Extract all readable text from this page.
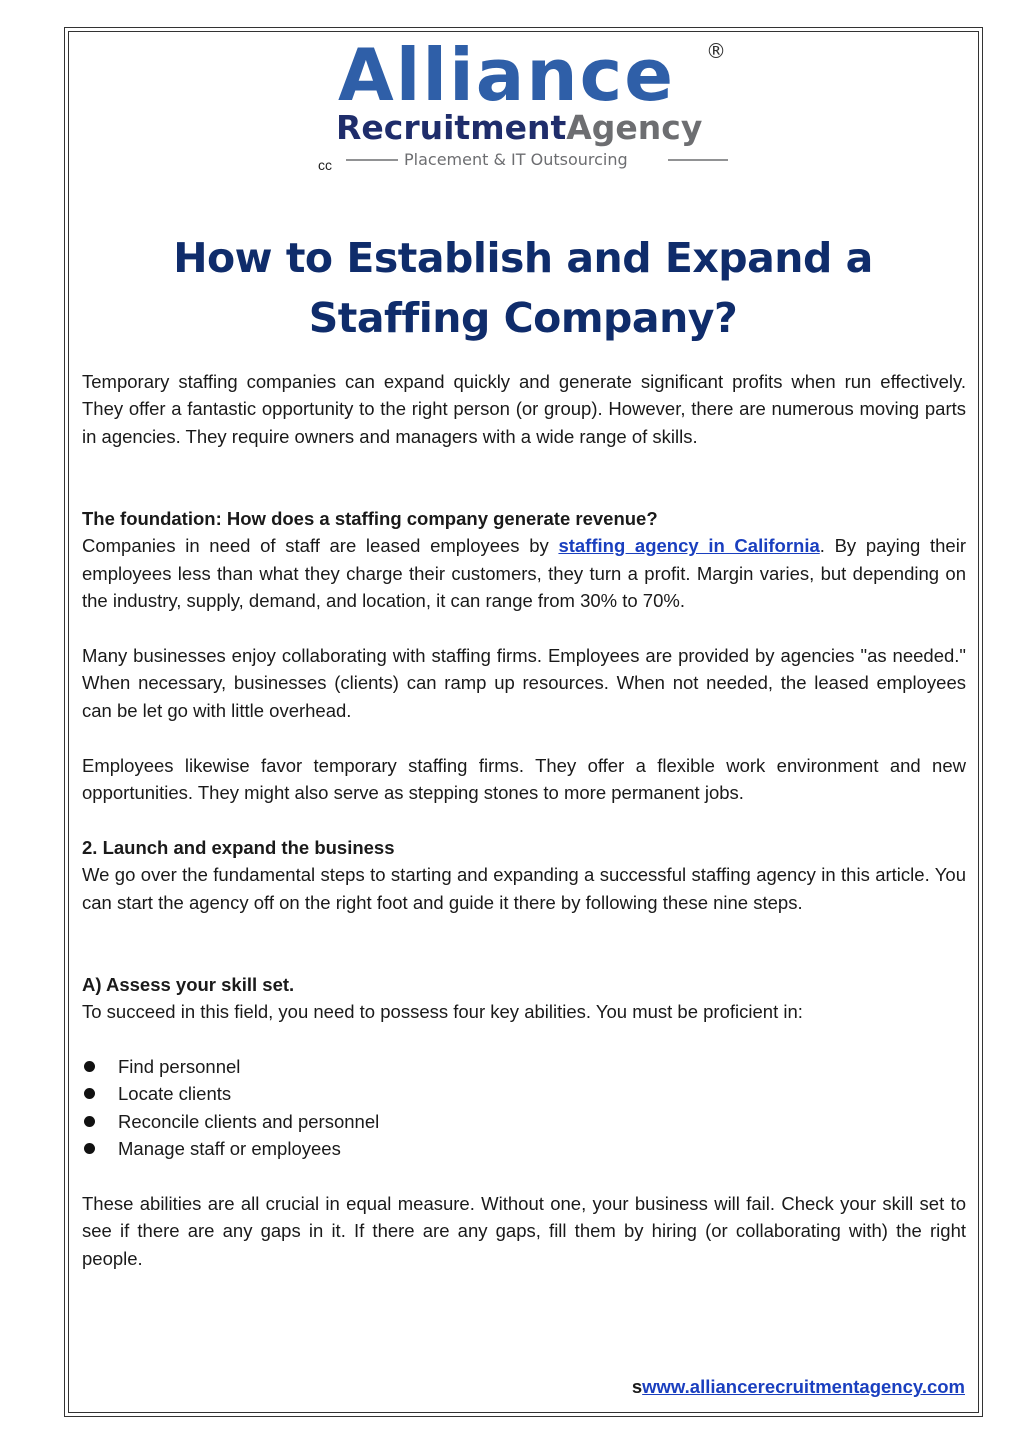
Alliance ®
RecruitmentAgency
Placement & IT Outsourcing
cc
How to Establish and Expand a Staffing Company?

Temporary staffing companies can expand quickly and generate significant profits when run effectively. They offer a fantastic opportunity to the right person (or group). However, there are numerous moving parts in agencies. They require owners and managers with a wide range of skills.

The foundation: How does a staffing company generate revenue?

Companies in need of staff are leased employees by staffing agency in California. By paying their employees less than what they charge their customers, they turn a profit. Margin varies, but depending on the industry, supply, demand, and location, it can range from 30% to 70%.

Many businesses enjoy collaborating with staffing firms. Employees are provided by agencies "as needed." When necessary, businesses (clients) can ramp up resources. When not needed, the leased employees can be let go with little overhead.

Employees likewise favor temporary staffing firms. They offer a flexible work environment and new opportunities. They might also serve as stepping stones to more permanent jobs.

2. Launch and expand the business

We go over the fundamental steps to starting and expanding a successful staffing agency in this article. You can start the agency off on the right foot and guide it there by following these nine steps.

A) Assess your skill set.

To succeed in this field, you need to possess four key abilities. You must be proficient in:

Find personnel
Locate clients
Reconcile clients and personnel
Manage staff or employees

These abilities are all crucial in equal measure. Without one, your business will fail. Check your skill set to see if there are any gaps in it. If there are any gaps, fill them by hiring (or collaborating with) the right people.

swww.alliancerecruitmentagency.com
